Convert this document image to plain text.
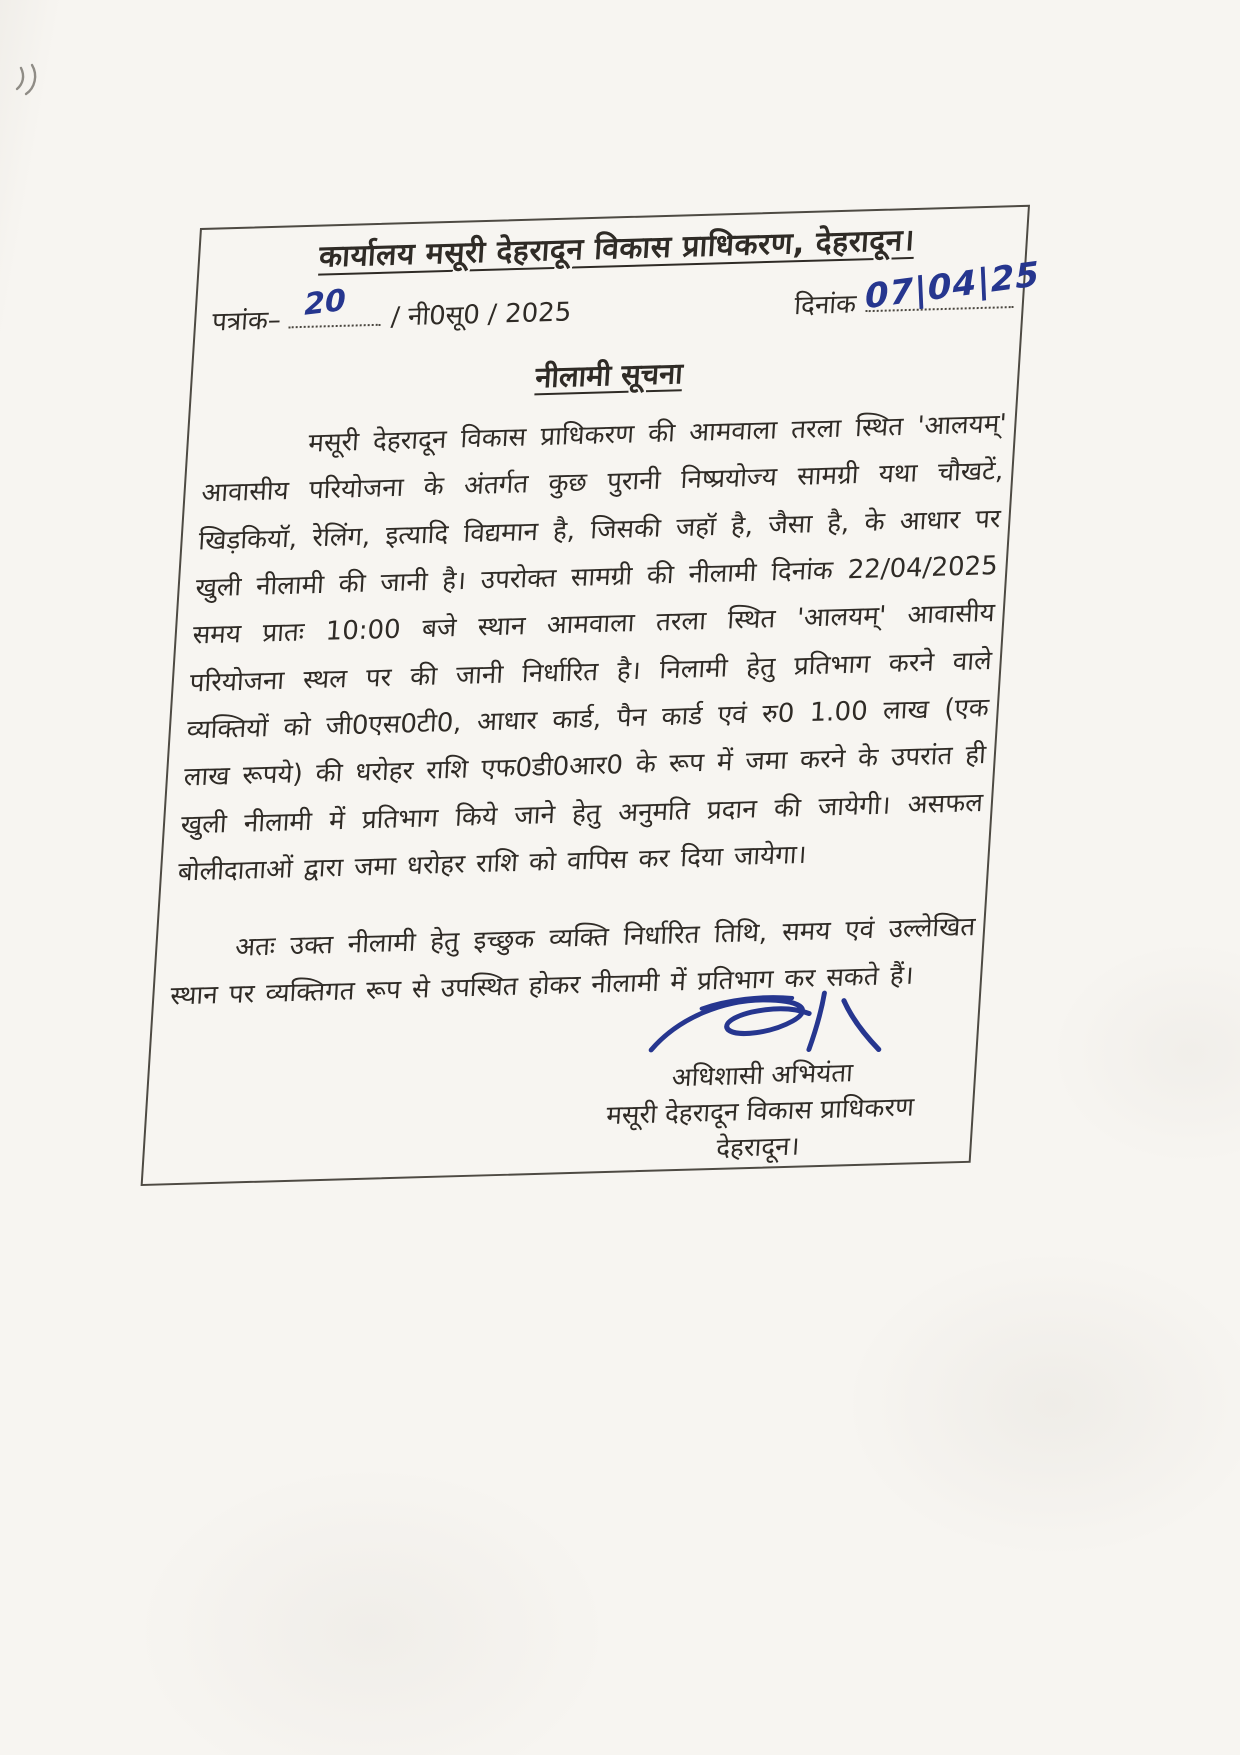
कार्यालय मसूरी देहरादून विकास प्राधिकरण, देहरादून।
पत्रांक– 20 / नी0सू0 / 2025	दिनांक 07|04|25
नीलामी सूचना

मसूरी देहरादून विकास प्राधिकरण की आमवाला तरला स्थित 'आलयम्' आवासीय परियोजना के अंतर्गत कुछ पुरानी निष्प्रयोज्य सामग्री यथा चौखटें, खिड़कियॉ, रेलिंग, इत्यादि विद्यमान है, जिसकी जहॉ है, जैसा है, के आधार पर खुली नीलामी की जानी है। उपरोक्त सामग्री की नीलामी दिनांक 22/04/2025 समय प्रातः 10:00 बजे स्थान आमवाला तरला स्थित 'आलयम्' आवासीय परियोजना स्थल पर की जानी निर्धारित है। निलामी हेतु प्रतिभाग करने वाले व्यक्तियों को जी0एस0टी0, आधार कार्ड, पैन कार्ड एवं रु0 1.00 लाख (एक लाख रूपये) की धरोहर राशि एफ0डी0आर0 के रूप में जमा करने के उपरांत ही खुली नीलामी में प्रतिभाग किये जाने हेतु अनुमति प्रदान की जायेगी। असफल बोलीदाताओं द्वारा जमा धरोहर राशि को वापिस कर दिया जायेगा।

अतः उक्त नीलामी हेतु इच्छुक व्यक्ति निर्धारित तिथि, समय एवं उल्लेखित स्थान पर व्यक्तिगत रूप से उपस्थित होकर नीलामी में प्रतिभाग कर सकते हैं।

अधिशासी अभियंता
मसूरी देहरादून विकास प्राधिकरण
देहरादून।
